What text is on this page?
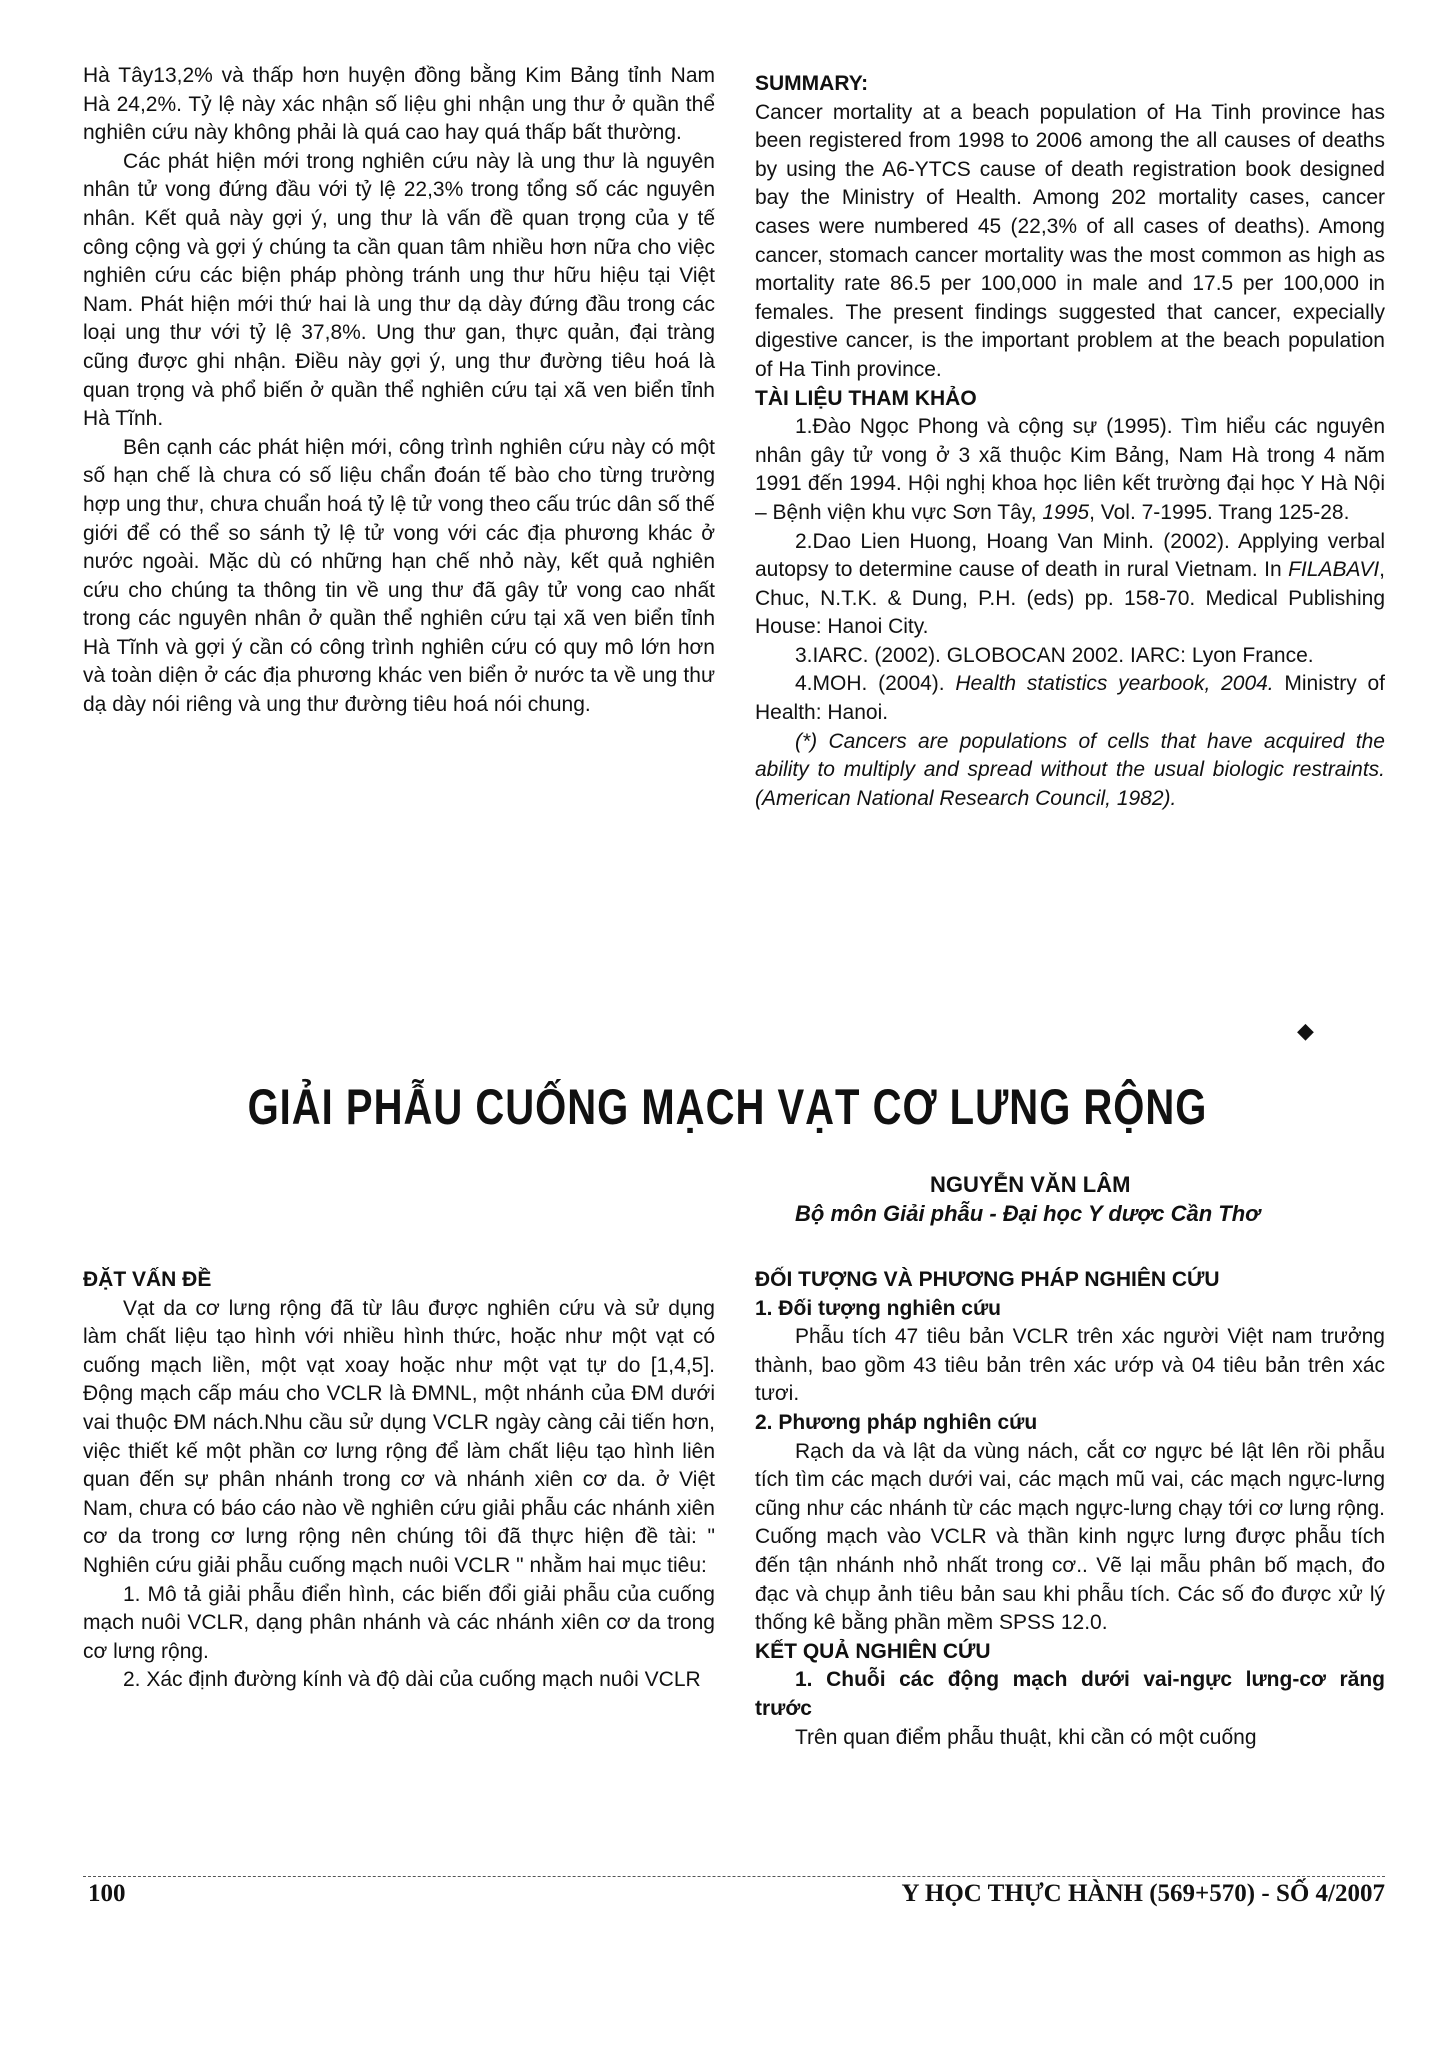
Hà Tây13,2% và thấp hơn huyện đồng bằng Kim Bảng tỉnh Nam Hà 24,2%. Tỷ lệ này xác nhận số liệu ghi nhận ung thư ở quần thể nghiên cứu này không phải là quá cao hay quá thấp bất thường.

Các phát hiện mới trong nghiên cứu này là ung thư là nguyên nhân tử vong đứng đầu với tỷ lệ 22,3% trong tổng số các nguyên nhân. Kết quả này gợi ý, ung thư là vấn đề quan trọng của y tế công cộng và gợi ý chúng ta cần quan tâm nhiều hơn nữa cho việc nghiên cứu các biện pháp phòng tránh ung thư hữu hiệu tại Việt Nam. Phát hiện mới thứ hai là ung thư dạ dày đứng đầu trong các loại ung thư với tỷ lệ 37,8%. Ung thư gan, thực quản, đại tràng cũng được ghi nhận. Điều này gợi ý, ung thư đường tiêu hoá là quan trọng và phổ biến ở quần thể nghiên cứu tại xã ven biển tỉnh Hà Tĩnh.

Bên cạnh các phát hiện mới, công trình nghiên cứu này có một số hạn chế là chưa có số liệu chẩn đoán tế bào cho từng trường hợp ung thư, chưa chuẩn hoá tỷ lệ tử vong theo cấu trúc dân số thế giới để có thể so sánh tỷ lệ tử vong với các địa phương khác ở nước ngoài. Mặc dù có những hạn chế nhỏ này, kết quả nghiên cứu cho chúng ta thông tin về ung thư đã gây tử vong cao nhất trong các nguyên nhân ở quần thể nghiên cứu tại xã ven biển tỉnh Hà Tĩnh và gợi ý cần có công trình nghiên cứu có quy mô lớn hơn và toàn diện ở các địa phương khác ven biển ở nước ta về ung thư dạ dày nói riêng và ung thư đường tiêu hoá nói chung.

SUMMARY:

Cancer mortality at a beach population of Ha Tinh province has been registered from 1998 to 2006 among the all causes of deaths by using the A6-YTCS cause of death registration book designed bay the Ministry of Health. Among 202 mortality cases, cancer cases were numbered 45 (22,3% of all cases of deaths). Among cancer, stomach cancer mortality was the most common as high as mortality rate 86.5 per 100,000 in male and 17.5 per 100,000 in females. The present findings suggested that cancer, expecially digestive cancer, is the important problem at the beach population of Ha Tinh province.

TÀI LIỆU THAM KHẢO

1.Đào Ngọc Phong và cộng sự (1995). Tìm hiểu các nguyên nhân gây tử vong ở 3 xã thuộc Kim Bảng, Nam Hà trong 4 năm 1991 đến 1994. Hội nghị khoa học liên kết trường đại học Y Hà Nội – Bệnh viện khu vực Sơn Tây, 1995, Vol. 7-1995. Trang 125-28.

2.Dao Lien Huong, Hoang Van Minh. (2002). Applying verbal autopsy to determine cause of death in rural Vietnam. In FILABAVI, Chuc, N.T.K. & Dung, P.H. (eds) pp. 158-70. Medical Publishing House: Hanoi City.

3.IARC. (2002). GLOBOCAN 2002. IARC: Lyon France.

4.MOH. (2004). Health statistics yearbook, 2004. Ministry of Health: Hanoi.

(*) Cancers are populations of cells that have acquired the ability to multiply and spread without the usual biologic restraints. (American National Research Council, 1982).

◆
GIẢI PHẪU CUỐNG MẠCH VẠT CƠ LƯNG RỘNG
NGUYỄN VĂN LÂM
Bộ môn Giải phẫu - Đại học Y dược Cần Thơ

ĐẶT VẤN ĐỀ

Vạt da cơ lưng rộng đã từ lâu được nghiên cứu và sử dụng làm chất liệu tạo hình với nhiều hình thức, hoặc như một vạt có cuống mạch liền, một vạt xoay hoặc như một vạt tự do [1,4,5]. Động mạch cấp máu cho VCLR là ĐMNL, một nhánh của ĐM dưới vai thuộc ĐM nách.Nhu cầu sử dụng VCLR ngày càng cải tiến hơn, việc thiết kế một phần cơ lưng rộng để làm chất liệu tạo hình liên quan đến sự phân nhánh trong cơ và nhánh xiên cơ da. ở Việt Nam, chưa có báo cáo nào về nghiên cứu giải phẫu các nhánh xiên cơ da trong cơ lưng rộng nên chúng tôi đã thực hiện đề tài: " Nghiên cứu giải phẫu cuống mạch nuôi VCLR " nhằm hai mục tiêu:

1. Mô tả giải phẫu điển hình, các biến đổi giải phẫu của cuống mạch nuôi VCLR, dạng phân nhánh và các nhánh xiên cơ da trong cơ lưng rộng.

2. Xác định đường kính và độ dài của cuống mạch nuôi VCLR

ĐỐI TƯỢNG VÀ PHƯƠNG PHÁP NGHIÊN CỨU

1. Đối tượng nghiên cứu

Phẫu tích 47 tiêu bản VCLR trên xác người Việt nam trưởng thành, bao gồm 43 tiêu bản trên xác ướp và 04 tiêu bản trên xác tươi.

2. Phương pháp nghiên cứu

Rạch da và lật da vùng nách, cắt cơ ngực bé lật lên rồi phẫu tích tìm các mạch dưới vai, các mạch mũ vai, các mạch ngực-lưng cũng như các nhánh từ các mạch ngực-lưng chạy tới cơ lưng rộng. Cuống mạch vào VCLR và thần kinh ngực lưng được phẫu tích đến tận nhánh nhỏ nhất trong cơ.. Vẽ lại mẫu phân bố mạch, đo đạc và chụp ảnh tiêu bản sau khi phẫu tích. Các số đo được xử lý thống kê bằng phần mềm SPSS 12.0.

KẾT QUẢ NGHIÊN CỨU

1. Chuỗi các động mạch dưới vai-ngực lưng-cơ răng trước

Trên quan điểm phẫu thuật, khi cần có một cuống

100	Y HỌC THỰC HÀNH (569+570) - SỐ 4/2007
